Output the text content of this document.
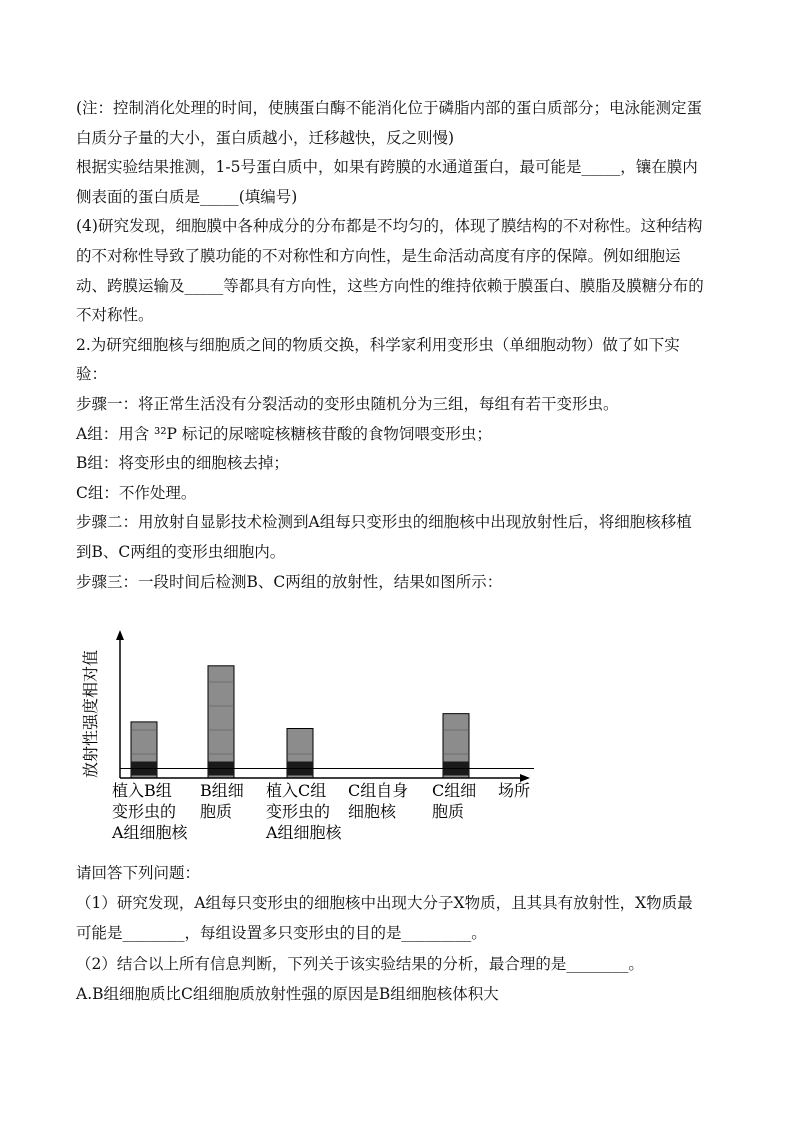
(注：控制消化处理的时间，使胰蛋白酶不能消化位于磷脂内部的蛋白质部分；电泳能测定蛋
白质分子量的大小，蛋白质越小，迁移越快，反之则慢)
根据实验结果推测，1-5号蛋白质中，如果有跨膜的水通道蛋白，最可能是_____，镶在膜内
侧表面的蛋白质是_____(填编号)
(4)研究发现，细胞膜中各种成分的分布都是不均匀的，体现了膜结构的不对称性。这种结构
的不对称性导致了膜功能的不对称性和方向性，是生命活动高度有序的保障。例如细胞运
动、跨膜运输及_____等都具有方向性，这些方向性的维持依赖于膜蛋白、膜脂及膜糖分布的
不对称性。
2.为研究细胞核与细胞质之间的物质交换，科学家利用变形虫（单细胞动物）做了如下实
验：
步骤一：将正常生活没有分裂活动的变形虫随机分为三组，每组有若干变形虫。
A组：用含 ³²P 标记的尿嘧啶核糖核苷酸的食物饲喂变形虫；
B组：将变形虫的细胞核去掉；
C组：不作处理。
步骤二：用放射自显影技术检测到A组每只变形虫的细胞核中出现放射性后，将细胞核移植
到B、C两组的变形虫细胞内。
步骤三：一段时间后检测B、C两组的放射性，结果如图所示：
放射性强度相对值
场所
植入B组
变形虫的
A组细胞核
B组细
胞质
植入C组
变形虫的
A组细胞核
C组自身
细胞核
C组细
胞质
请回答下列问题：
（1）研究发现，A组每只变形虫的细胞核中出现大分子X物质，且其具有放射性，X物质最
可能是________，每组设置多只变形虫的目的是_________。
（2）结合以上所有信息判断，下列关于该实验结果的分析，最合理的是________。
A.B组细胞质比C组细胞质放射性强的原因是B组细胞核体积大
